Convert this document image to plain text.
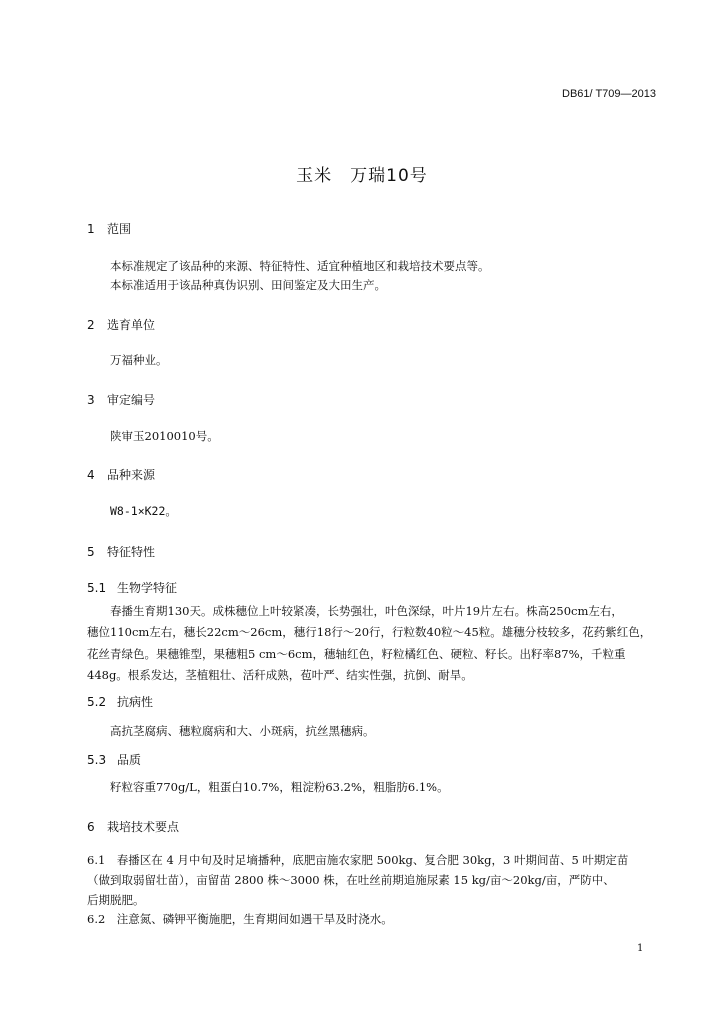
DB61/ T709—2013
玉米　万瑞10号
1 范围
本标准规定了该品种的来源、特征特性、适宜种植地区和栽培技术要点等。
本标准适用于该品种真伪识别、田间鉴定及大田生产。
2 选育单位
万福种业。
3 审定编号
陕审玉2010010号。
4 品种来源
W8-1×K22。
5 特征特性
5.1 生物学特征
春播生育期130天。成株穗位上叶较紧凑，长势强壮，叶色深绿，叶片19片左右。株高250cm左右，
穗位110cm左右，穗长22cm～26cm，穗行18行～20行，行粒数40粒～45粒。雄穗分枝较多，花药紫红色，
花丝青绿色。果穗锥型，果穗粗5 cm～6cm，穗轴红色，籽粒橘红色、硬粒、籽长。出籽率87%，千粒重
448g。根系发达，茎植粗壮、活秆成熟，苞叶严、结实性强，抗倒、耐旱。
5.2 抗病性
高抗茎腐病、穗粒腐病和大、小斑病，抗丝黑穗病。
5.3 品质
籽粒容重770g/L，粗蛋白10.7%，粗淀粉63.2%，粗脂肪6.1%。
6 栽培技术要点
6.1　春播区在 4 月中旬及时足墒播种，底肥亩施农家肥 500kg、复合肥 30kg，3 叶期间苗、5 叶期定苗
（做到取弱留壮苗），亩留苗 2800 株～3000 株，在吐丝前期追施尿素 15 kg/亩～20kg/亩，严防中、
后期脱肥。
6.2　注意氮、磷钾平衡施肥，生育期间如遇干旱及时浇水。
1
